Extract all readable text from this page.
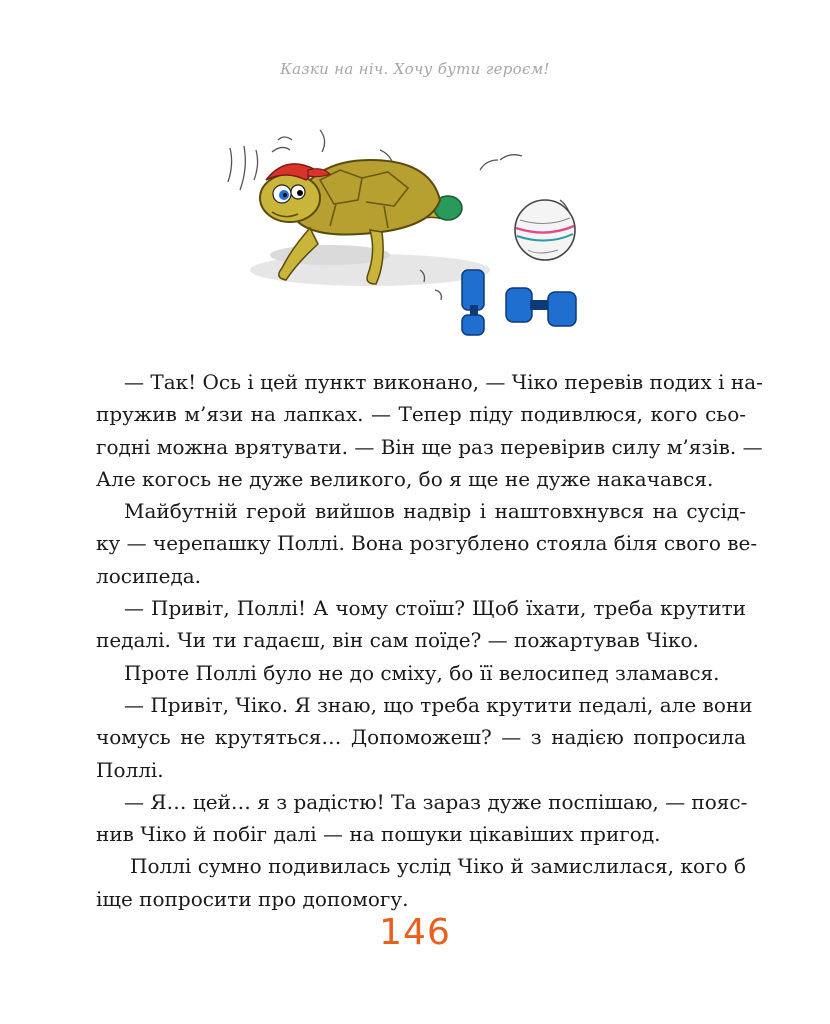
Казки на ніч. Хочу бути героєм!
— Так! Ось і цей пункт виконано, — Чіко перевів подих і на-
пружив м’язи на лапках. — Тепер піду подивлюся, кого сьо-
годні можна врятувати. — Він ще раз перевірив силу м’язів. —
Але когось не дуже великого, бо я ще не дуже накачався.
Майбутній герой вийшов надвір і наштовхнувся на сусід-
ку — черепашку Поллі. Вона розгублено стояла біля свого ве-
лосипеда.
— Привіт, Поллі! А чому стоїш? Щоб їхати, треба крутити
педалі. Чи ти гадаєш, він сам поїде? — пожартував Чіко.
Проте Поллі було не до сміху, бо її велосипед зламався.
— Привіт, Чіко. Я знаю, що треба крутити педалі, але вони
чомусь не крутяться… Допоможеш? — з надією попросила
Поллі.
— Я… цей… я з радістю! Та зараз дуже поспішаю, — пояс-
нив Чіко й побіг далі — на пошуки цікавіших пригод.
Поллі сумно подивилась услід Чіко й замислилася, кого б
іще попросити про допомогу.
146
